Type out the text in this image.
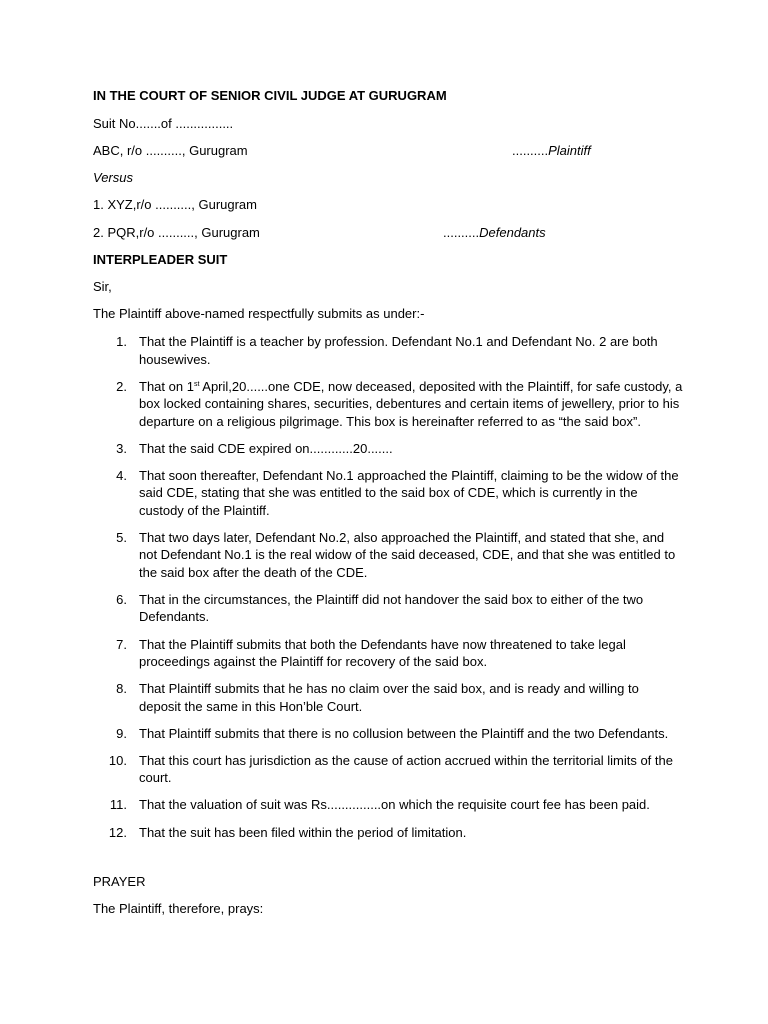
IN THE COURT OF SENIOR CIVIL JUDGE AT GURUGRAM
Suit No.......of ................
ABC, r/o .........., Gurugram	..........Plaintiff
Versus
1. XYZ,r/o .........., Gurugram
2. PQR,r/o .........., Gurugram	..........Defendants
INTERPLEADER SUIT
Sir,
The Plaintiff above-named respectfully submits as under:-
1. That the Plaintiff is a teacher by profession. Defendant No.1 and Defendant No. 2 are both housewives.
2. That on 1st April,20......one CDE, now deceased, deposited with the Plaintiff, for safe custody, a box locked containing shares, securities, debentures and certain items of jewellery, prior to his departure on a religious pilgrimage. This box is hereinafter referred to as “the said box”.
3. That the said CDE expired on............20.......
4. That soon thereafter, Defendant No.1 approached the Plaintiff, claiming to be the widow of the said CDE, stating that she was entitled to the said box of CDE, which is currently in the custody of the Plaintiff.
5. That two days later, Defendant No.2, also approached the Plaintiff, and stated that she, and not Defendant No.1 is the real widow of the said deceased, CDE, and that she was entitled to the said box after the death of the CDE.
6. That in the circumstances, the Plaintiff did not handover the said box to either of the two Defendants.
7. That the Plaintiff submits that both the Defendants have now threatened to take legal proceedings against the Plaintiff for recovery of the said box.
8. That Plaintiff submits that he has no claim over the said box, and is ready and willing to deposit the same in this Hon’ble Court.
9. That Plaintiff submits that there is no collusion between the Plaintiff and the two Defendants.
10. That this court has jurisdiction as the cause of action accrued within the territorial limits of the court.
11. That the valuation of suit was Rs...............on which the requisite court fee has been paid.
12. That the suit has been filed within the period of limitation.
PRAYER
The Plaintiff, therefore, prays:
